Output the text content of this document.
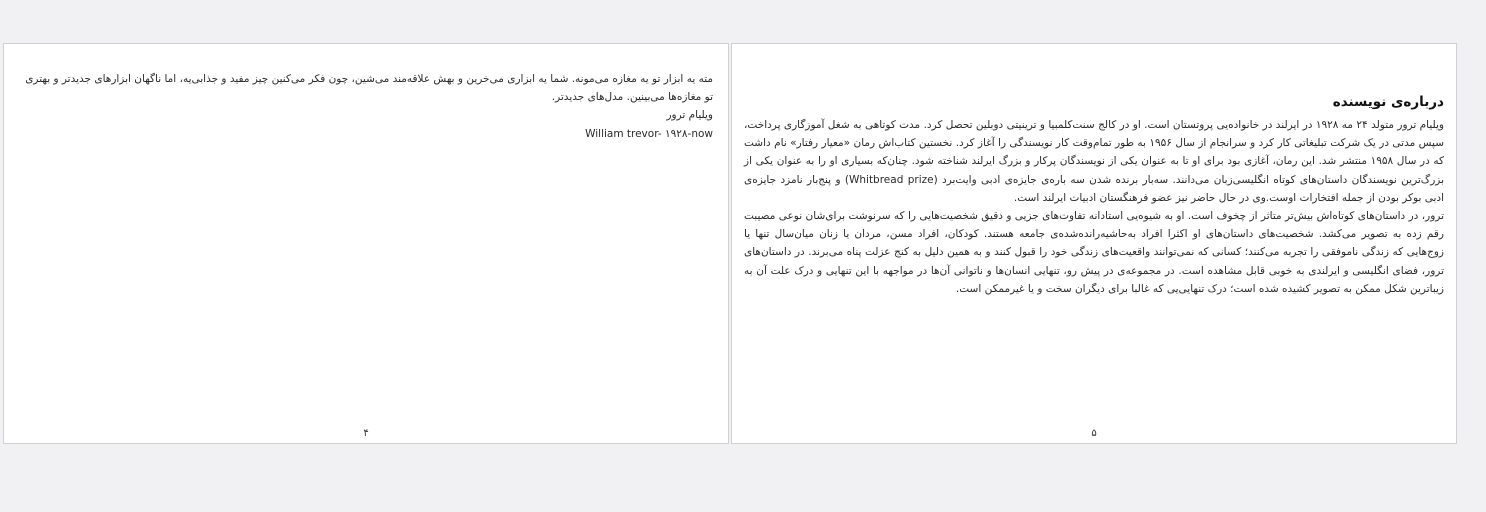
مته یه ابزار تو یه مغازه می‌مونه. شما یه ابزاری می‌خرین و بهش علاقه‌مند می‌شین، چون فکر می‌کنین چیز مفید و جذابی‌یه، اما ناگهان ابزارهای جدیدتر و بهتری تو مغازه‌ها می‌بینین. مدل‌های جدیدتر.
ویلیام ترور
William trevor- ۱۹۲۸-now
۴
درباره‌ی نویسنده

ویلیام ترور متولد ۲۴ مه ۱۹۲۸ در ایرلند در خانواده‌یی پروتستان است. او در کالج سنت‌کلمبیا و ترینیتی دوبلین تحصل کرد. مدت کوتاهی به شغل آموزگاری پرداخت، سپس مدتی در یک شرکت تبلیغاتی کار کرد و سرانجام از سال ۱۹۵۶ به طور تمام‌وقت کار نویسندگی را آغاز کرد. نخستین کتاب‌اش رمان «معیار رفتار» نام داشت که در سال ۱۹۵۸ منتشر شد. این رمان، آغازی بود برای او تا به عنوان یکی از نویسندگان پرکار و بزرگ ایرلند شناخته شود. چنان‌که بسیاری او را به عنوان یکی از بزرگ‌ترین نویسندگان داستان‌های کوتاه انگلیسی‌زبان می‌دانند. سه‌بار برنده شدن سه باره‌ی جایزه‌ی ادبی وایت‌برد (Whitbread prize) و پنج‌بار نامزد جایزه‌ی ادبی بوکر بودن از جمله افتخارات اوست.وی در حال حاضر نیز عضو فرهنگستان ادبیات ایرلند است.

ترور، در داستان‌های کوتاه‌اش بیش‌تر متاثر از چخوف است. او به شیوه‌یی استادانه تفاوت‌های جزیی و دقیق شخصیت‌هایی را که سرنوشت برای‌شان نوعی مصیبت رقم زده به تصویر می‌کشد. شخصیت‌های داستان‌های او اکثرا افراد به‌حاشیه‌رانده‌شده‌ی جامعه هستند. کودکان، افراد مسن، مردان یا زنان میان‌سال تنها یا زوج‌هایی که زندگی ناموفقی را تجربه می‌کنند؛ کسانی که نمی‌توانند واقعیت‌های زندگی خود را قبول کنند و به همین دلیل به کنج عزلت پناه می‌برند. در داستان‌های ترور، فضای انگلیسی و ایرلندی به خوبی قابل مشاهده است. در مجموعه‌ی در پیش رو، تنهایی انسان‌ها و ناتوانی آن‌ها در مواجهه با این تنهایی و درک علت آن به زیباترین شکل ممکن به تصویر کشیده شده است؛ درک تنهایی‌یی که غالبا برای دیگران سخت و یا غیرممکن است.

۵
